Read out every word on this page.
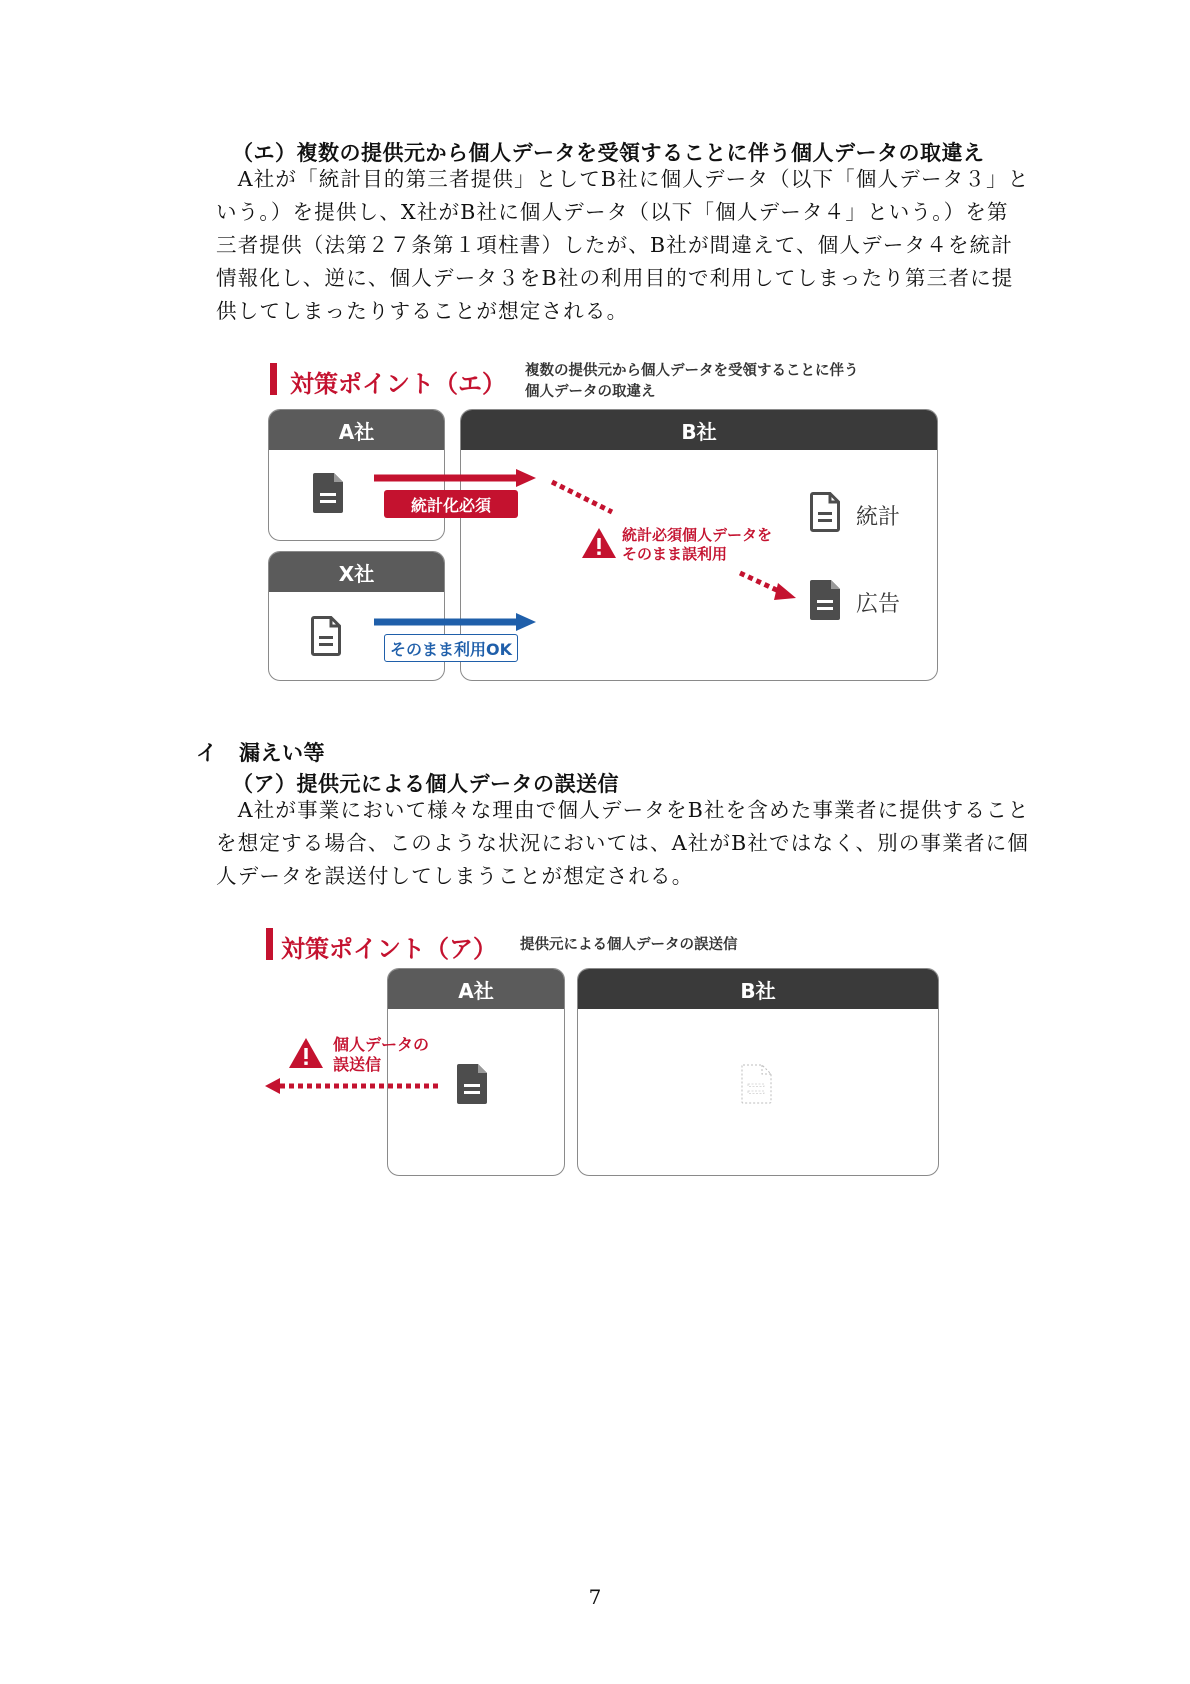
（エ）複数の提供元から個人データを受領することに伴う個人データの取違え

　A社が「統計目的第三者提供」としてB社に個人データ（以下「個人データ３」と

いう。）を提供し、X社がB社に個人データ（以下「個人データ４」という。）を第

三者提供（法第２７条第１項柱書）したが、B社が間違えて、個人データ４を統計

情報化し、逆に、個人データ３をB社の利用目的で利用してしまったり第三者に提

供してしまったりすることが想定される。

対策ポイント（エ） 複数の提供元から個人データを受領することに伴う
個人データの取違え
A社
X社
B社
統計
広告
統計化必須
そのまま利用OK
統計必須個人データを
そのまま誤利用
イ　漏えい等
（ア）提供元による個人データの誤送信

　A社が事業において様々な理由で個人データをB社を含めた事業者に提供すること

を想定する場合、このような状況においては、A社がB社ではなく、別の事業者に個

人データを誤送付してしまうことが想定される。

対策ポイント（ア） 提供元による個人データの誤送信
A社	B社
個人データの
誤送信
7
